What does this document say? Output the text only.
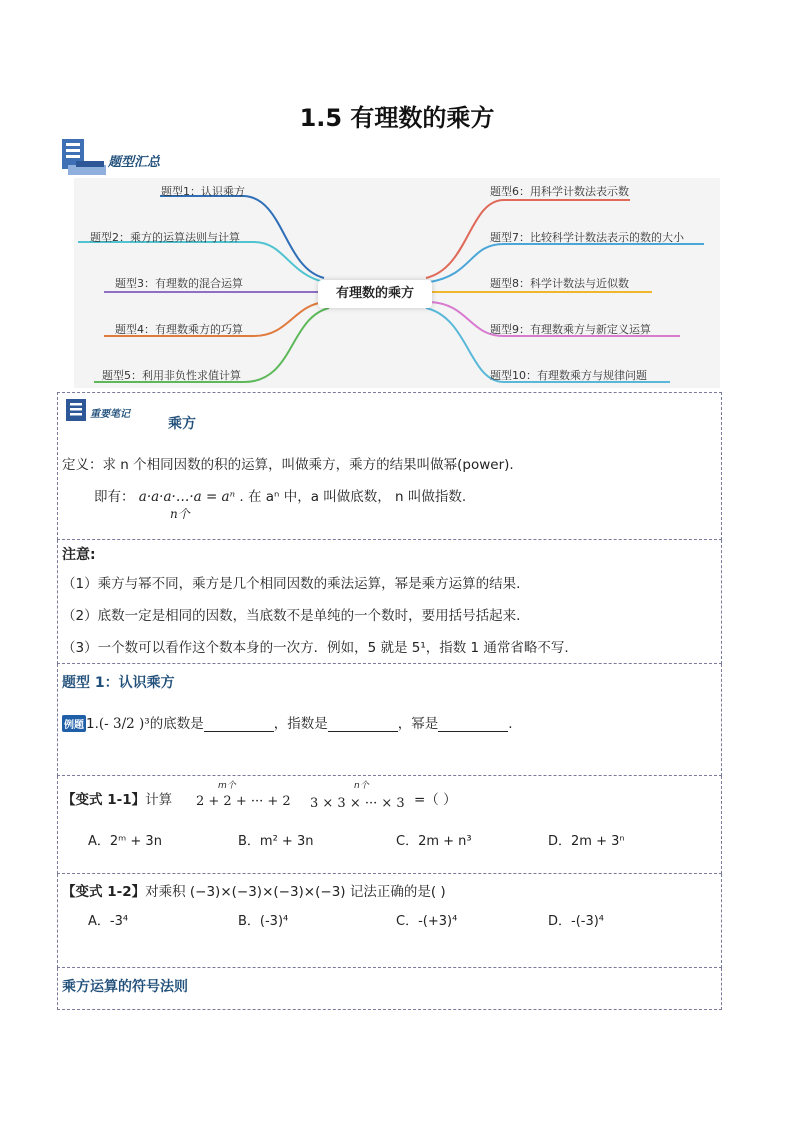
1.5 有理数的乘方
题型汇总
题型1：认识乘方
题型2：乘方的运算法则与计算
题型3：有理数的混合运算
题型4：有理数乘方的巧算
题型5：利用非负性求值计算
有理数的乘方
题型6：用科学计数法表示数
题型7：比较科学计数法表示的数的大小
题型8：科学计数法与近似数
题型9：有理数乘方与新定义运算
题型10：有理数乘方与规律问题
重要笔记
乘方
定义：求 n 个相同因数的积的运算，叫做乘方，乘方的结果叫做幂(power).
即有： a·a·a·…·a = aⁿ . 在 aⁿ 中，a 叫做底数， n 叫做指数.
n个
注意:
（1）乘方与幂不同，乘方是几个相同因数的乘法运算，幂是乘方运算的结果.
（2）底数一定是相同的因数，当底数不是单纯的一个数时，要用括号括起来.
（3）一个数可以看作这个数本身的一次方．例如，5 就是 5¹，指数 1 通常省略不写.
题型 1：认识乘方
例题 1.(- 3/2 )³的底数是	，指数是	，幂是	.
【变式 1-1】计算
m个
2 + 2 + ··· + 2
n个
3 × 3 × ··· × 3 =（ ）
A．2ᵐ + 3n	B．m² + 3n	C．2m + n³	D．2m + 3ⁿ
【变式 1-2】对乘积 (−3)×(−3)×(−3)×(−3) 记法正确的是( )
A．-3⁴	B．(-3)⁴	C．-(+3)⁴	D．-(-3)⁴
乘方运算的符号法则
